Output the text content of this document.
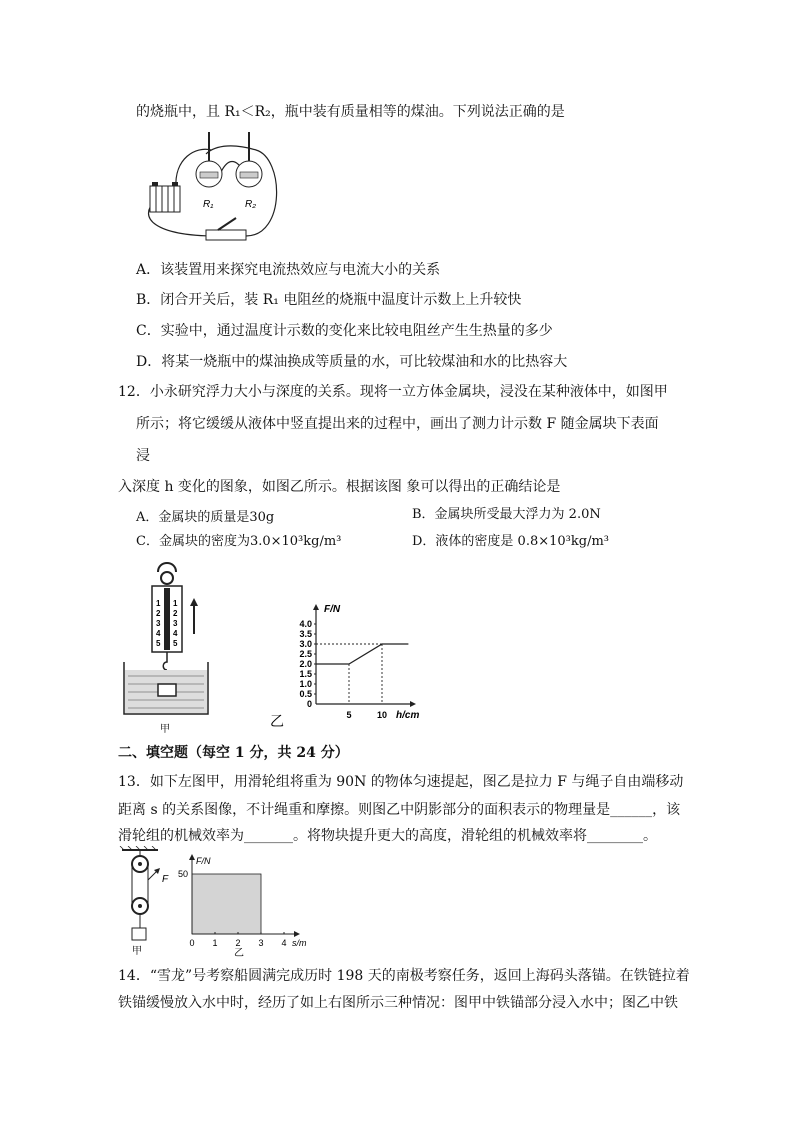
的烧瓶中，且 R₁＜R₂，瓶中装有质量相等的煤油。下列说法正确的是
R₁	R₂
A．该装置用来探究电流热效应与电流大小的关系
B．闭合开关后，装 R₁ 电阻丝的烧瓶中温度计示数上上升较快
C．实验中，通过温度计示数的变化来比较电阻丝产生生热量的多少
D．将某一烧瓶中的煤油换成等质量的水，可比较煤油和水的比热容大
12．小永研究浮力大小与深度的关系。现将一立方体金属块，浸没在某种液体中，如图甲
所示；将它缓缓从液体中竖直提出来的过程中，画出了测力计示数 F 随金属块下表面
浸
入深度 h 变化的图象，如图乙所示。根据该图 象可以得出的正确结论是
A．金属块的质量是30g	B．金属块所受最大浮力为 2.0N
C．金属块的密度为3.0×10³kg/m³	D．液体的密度是 0.8×10³kg/m³
1
2
3
4
5
1
2
3
4
5
甲
F/N
h/cm
乙
4.0
3.5
3.0
2.5
2.0
1.5
1.0
0.5
0
5	10
二、填空题（每空 1 分，共 24 分）
13．如下左图甲，用滑轮组将重为 90N 的物体匀速提起，图乙是拉力 F 与绳子自由端移动
距离 s 的关系图像，不计绳重和摩擦。则图乙中阴影部分的面积表示的物理量是______，该
滑轮组的机械效率为_______。将物块提升更大的高度，滑轮组的机械效率将________。
F
甲
F/N
s/m
乙
50
0 1 2 3 4
14．“雪龙”号考察船圆满完成历时 198 天的南极考察任务，返回上海码头落锚。在铁链拉着
铁锚缓慢放入水中时，经历了如上右图所示三种情况：图甲中铁锚部分浸入水中；图乙中铁
